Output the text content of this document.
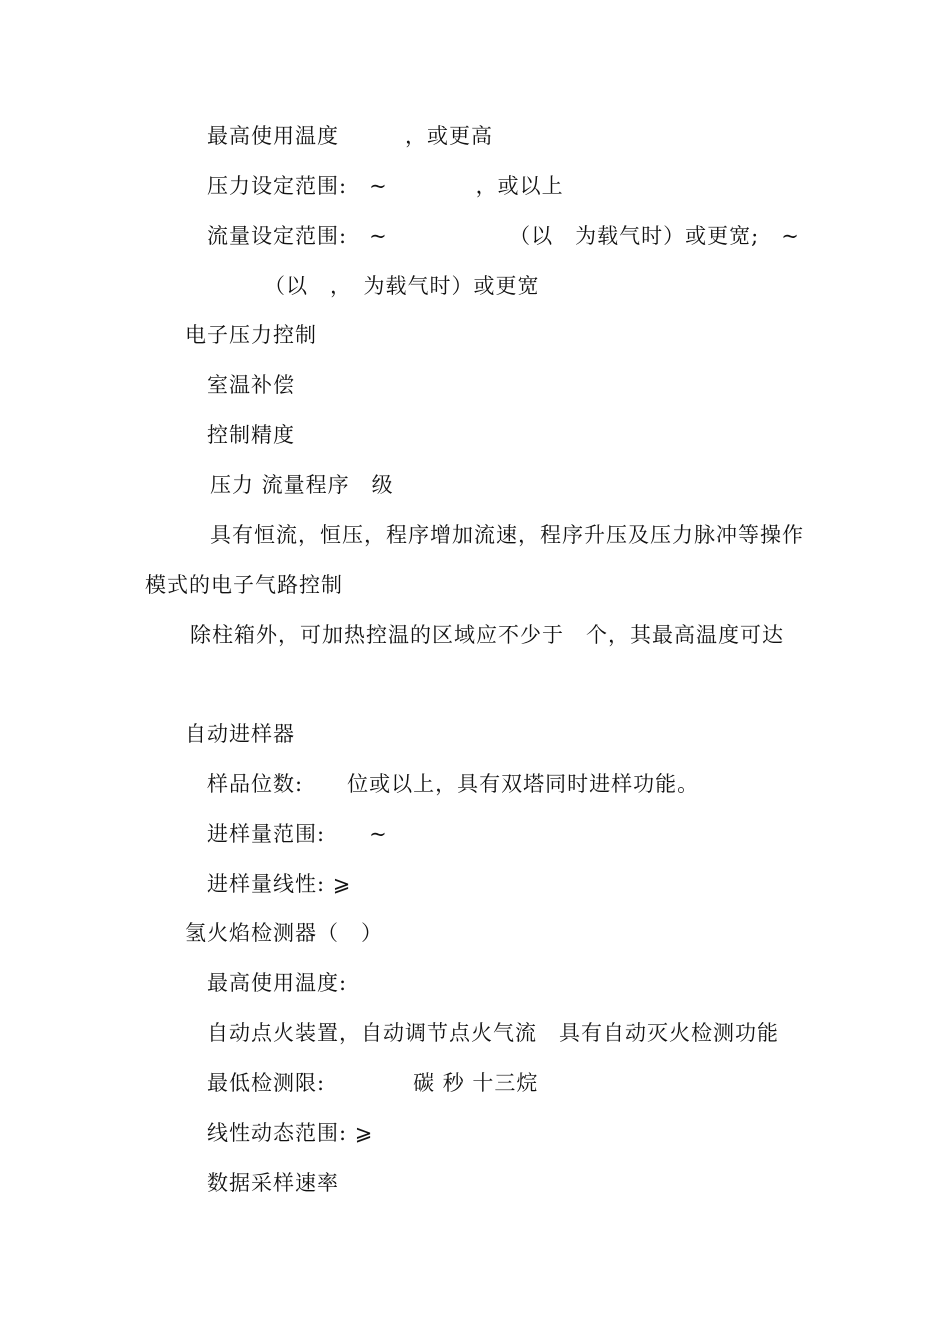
最高使用温度　　　，或更高
压力设定范围:　~　　　　，或以上
流量设定范围:　~　　　　　　（以　为载气时）或更宽;　~
（以　，　为载气时）或更宽
电子压力控制
室温补偿
控制精度
压力 流量程序　级
具有恒流，恒压，程序增加流速，程序升压及压力脉冲等操作
模式的电子气路控制
除柱箱外，可加热控温的区域应不少于　个，其最高温度可达
自动进样器
样品位数:　　位或以上，具有双塔同时进样功能。
进样量范围:　　~
进样量线性: ⩾
氢火焰检测器（　）
最高使用温度:
自动点火装置，自动调节点火气流　具有自动灭火检测功能
最低检测限:　　　　碳 秒 十三烷
线性动态范围: ⩾
数据采样速率
